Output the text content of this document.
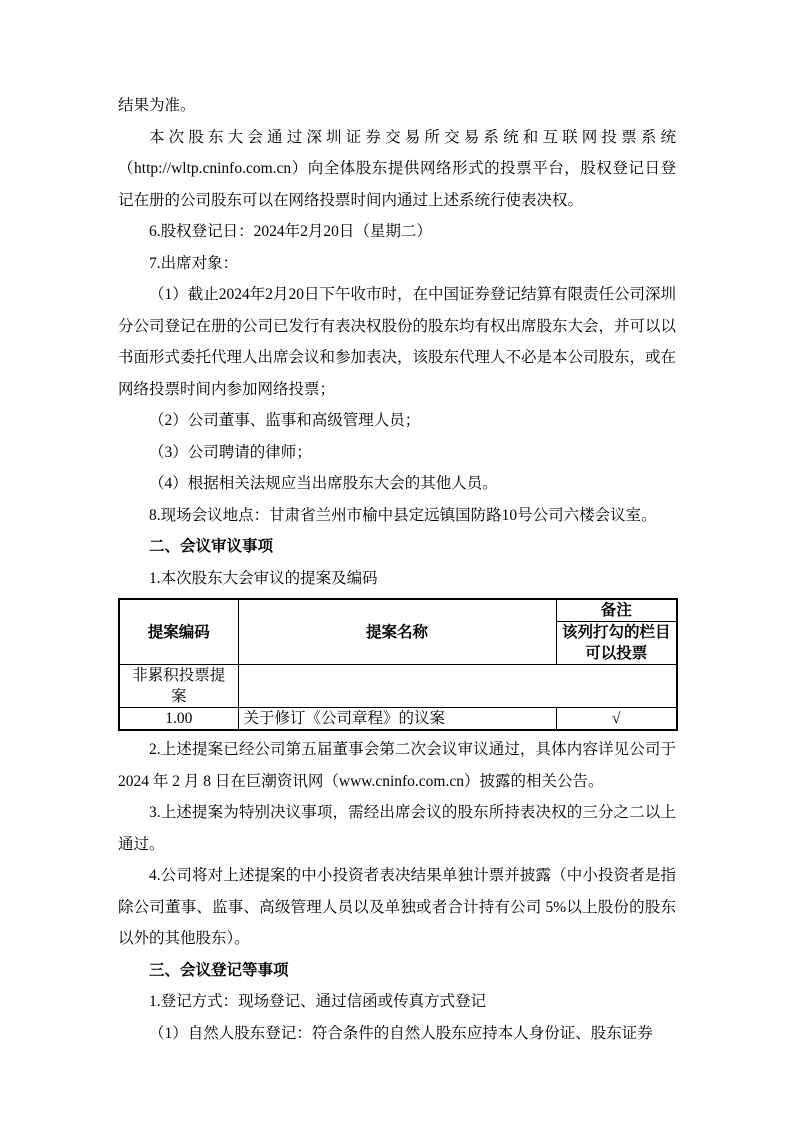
结果为准。

本次股东大会通过深圳证券交易所交易系统和互联网投票系统（http://wltp.cninfo.com.cn）向全体股东提供网络形式的投票平台，股权登记日登记在册的公司股东可以在网络投票时间内通过上述系统行使表决权。

6.股权登记日：2024年2月20日（星期二）

7.出席对象：

（1）截止2024年2月20日下午收市时，在中国证券登记结算有限责任公司深圳分公司登记在册的公司已发行有表决权股份的股东均有权出席股东大会，并可以以书面形式委托代理人出席会议和参加表决，该股东代理人不必是本公司股东，或在网络投票时间内参加网络投票；

（2）公司董事、监事和高级管理人员；

（3）公司聘请的律师；

（4）根据相关法规应当出席股东大会的其他人员。

8.现场会议地点：甘肃省兰州市榆中县定远镇国防路10号公司六楼会议室。

二、会议审议事项

1.本次股东大会审议的提案及编码

提案编码	提案名称	备注
		该列打勾的栏目可以投票
非累积投票提案		
1.00	关于修订《公司章程》的议案	√

2.上述提案已经公司第五届董事会第二次会议审议通过，具体内容详见公司于 2024 年 2 月 8 日在巨潮资讯网（www.cninfo.com.cn）披露的相关公告。

3.上述提案为特别决议事项，需经出席会议的股东所持表决权的三分之二以上通过。

4.公司将对上述提案的中小投资者表决结果单独计票并披露（中小投资者是指除公司董事、监事、高级管理人员以及单独或者合计持有公司 5%以上股份的股东以外的其他股东）。

三、会议登记等事项

1.登记方式：现场登记、通过信函或传真方式登记

（1）自然人股东登记：符合条件的自然人股东应持本人身份证、股东证券
